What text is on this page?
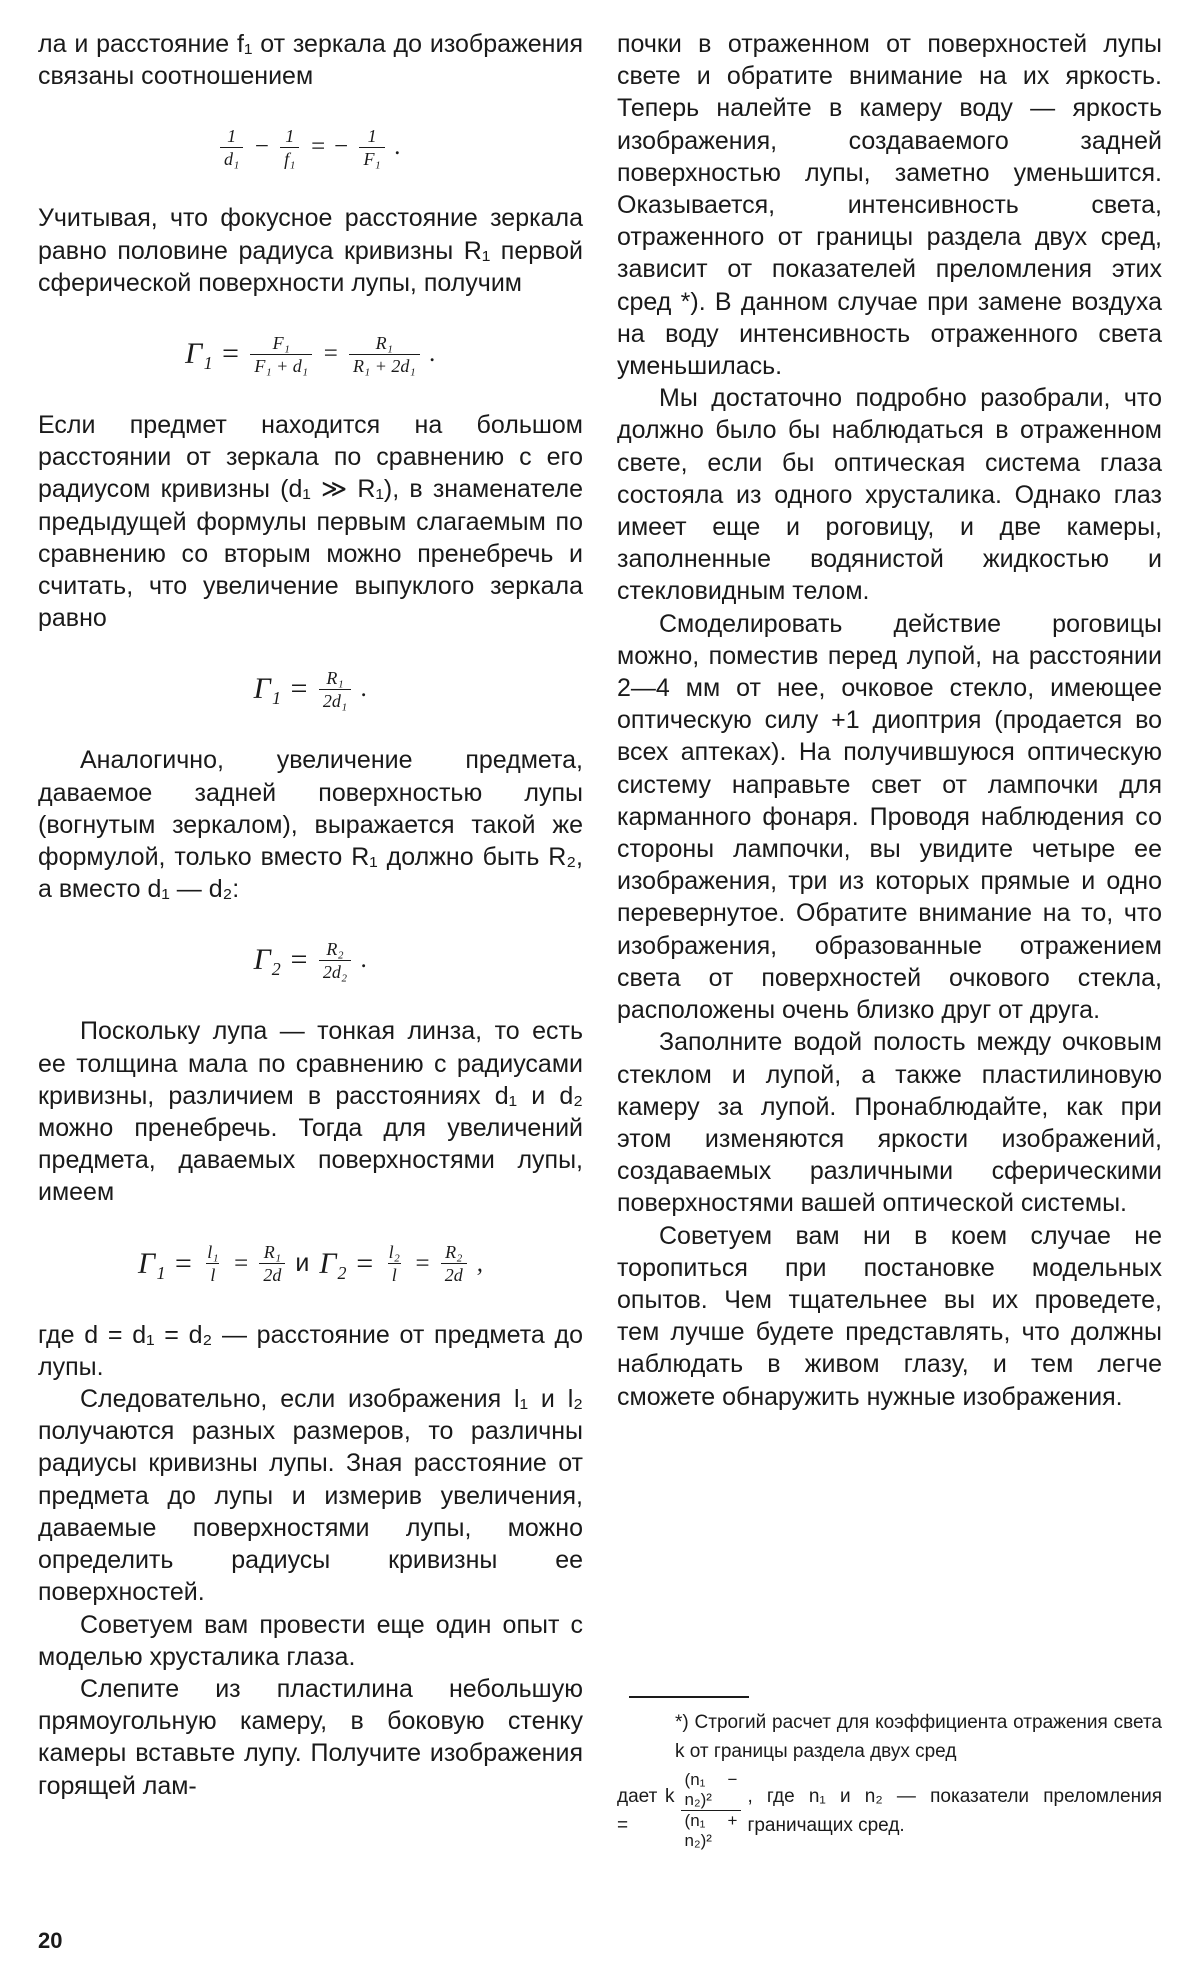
ла и расстояние f₁ от зеркала до изображения связаны соотношением

$\frac{1}{\text{d₁}} - \frac{1}{\text{f₁}}$ = − $\frac{1}{\text{F₁}}$ .

Учитывая, что фокусное расстояние зеркала равно половине радиуса кривизны R₁ первой сферической поверхности лупы, получим

$\Gamma_1 = \frac{\text{F₁}}{\text{F₁ + d₁}} = \frac{\text{R₁}}{\text{R₁ + 2d₁}}$ .

Если предмет находится на большом расстоянии от зеркала по сравнению с его радиусом кривизны (d₁ ≫ R₁), в знаменателе предыдущей формулы первым слагаемым по сравнению со вторым можно пренебречь и считать, что увеличение выпуклого зеркала равно

$\Gamma_1 = \frac{\text{R₁}}{\text{2d₁}}$ .

Аналогично, увеличение предмета, даваемое задней поверхностью лупы (вогнутым зеркалом), выражается такой же формулой, только вместо R₁ должно быть R₂, а вместо d₁ — d₂:

$\Gamma_2 = \frac{\text{R₂}}{\text{2d₂}}$ .

Поскольку лупа — тонкая линза, то есть ее толщина мала по сравнению с радиусами кривизны, различием в расстояниях d₁ и d₂ можно пренебречь. Тогда для увеличений предмета, даваемых поверхностями лупы, имеем

$\Gamma_1 = \frac{\text{l₁}}{l} = \frac{\text{R₁}}{2d}$ и $\Gamma_2 = \frac{\text{l₂}}{l} = \frac{\text{R₂}}{2d}$ ,

где d = d₁ = d₂ — расстояние от предмета до лупы.

Следовательно, если изображения l₁ и l₂ получаются разных размеров, то различны радиусы кривизны лупы. Зная расстояние от предмета до лупы и измерив увеличения, даваемые поверхностями лупы, можно определить радиусы кривизны ее поверхностей.

Советуем вам провести еще один опыт с моделью хрусталика глаза.

Слепите из пластилина небольшую прямоугольную камеру, в боковую стенку камеры вставьте лупу. Получите изображения горящей лам-

почки в отраженном от поверхностей лупы свете и обратите внимание на их яркость. Теперь налейте в камеру воду — яркость изображения, создаваемого задней поверхностью лупы, заметно уменьшится. Оказывается, интенсивность света, отраженного от границы раздела двух сред, зависит от показателей преломления этих сред *). В данном случае при замене воздуха на воду интенсивность отраженного света уменьшилась.

Мы достаточно подробно разобрали, что должно было бы наблюдаться в отраженном свете, если бы оптическая система глаза состояла из одного хрусталика. Однако глаз имеет еще и роговицу, и две камеры, заполненные водянистой жидкостью и стекловидным телом.

Смоделировать действие роговицы можно, поместив перед лупой, на расстоянии 2—4 мм от нее, очковое стекло, имеющее оптическую силу +1 диоптрия (продается во всех аптеках). На получившуюся оптическую систему направьте свет от лампочки для карманного фонаря. Проводя наблюдения со стороны лампочки, вы увидите четыре ее изображения, три из которых прямые и одно перевернутое. Обратите внимание на то, что изображения, образованные отражением света от поверхностей очкового стекла, расположены очень близко друг от друга.

Заполните водой полость между очковым стеклом и лупой, а также пластилиновую камеру за лупой. Пронаблюдайте, как при этом изменяются яркости изображений, создаваемых различными сферическими поверхностями вашей оптической системы.

Советуем вам ни в коем случае не торопиться при постановке модельных опытов. Чем тщательнее вы их проведете, тем лучше будете представлять, что должны наблюдать в живом глазу, и тем легче сможете обнаружить нужные изображения.

*) Строгий расчет для коэффициента отражения света k от границы раздела двух сред
дает k =	$\frac{\text{(n₁ − n₂)²}}{\text{(n₁ + n₂)²}}$ , где n₁ и n₂ — показатели преломления граничащих сред.
20
